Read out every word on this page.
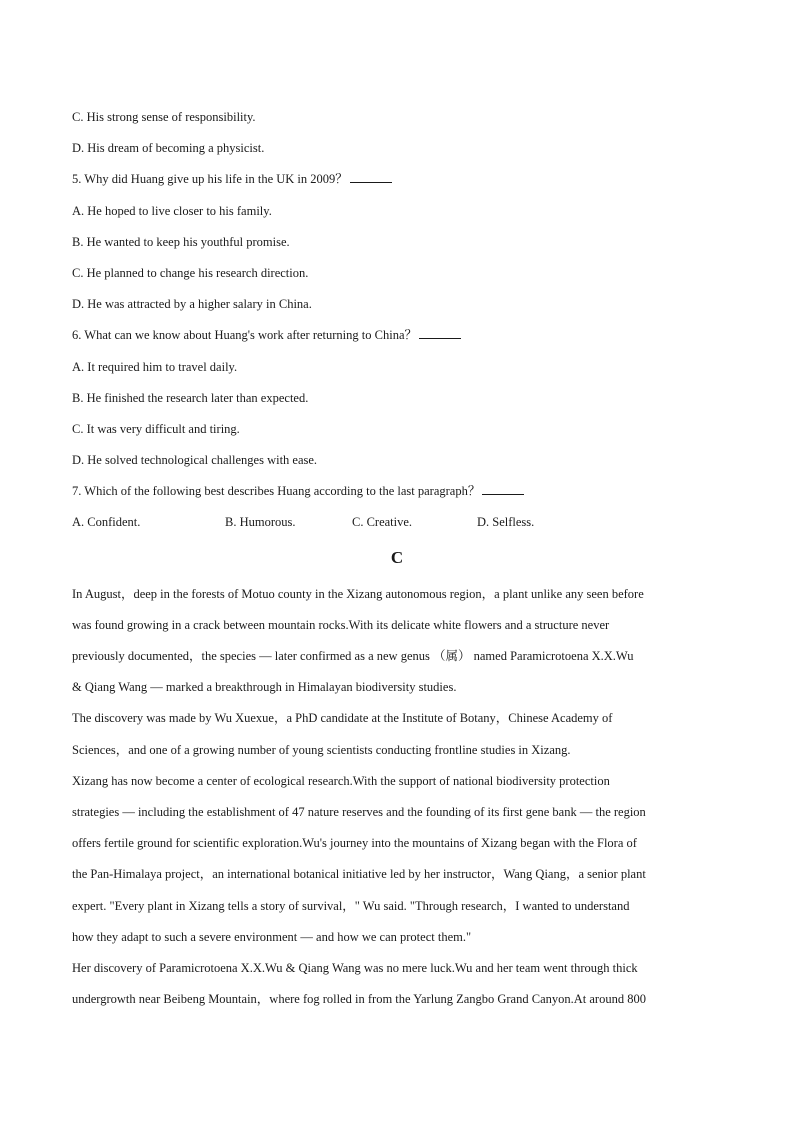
C. His strong sense of responsibility.
D. His dream of becoming a physicist.
5. Why did Huang give up his life in the UK in 2009？
A. He hoped to live closer to his family.
B. He wanted to keep his youthful promise.
C. He planned to change his research direction.
D. He was attracted by a higher salary in China.
6. What can we know about Huang's work after returning to China？
A. It required him to travel daily.
B. He finished the research later than expected.
C. It was very difficult and tiring.
D. He solved technological challenges with ease.
7. Which of the following best describes Huang according to the last paragraph？
A. Confident.	B. Humorous.	C. Creative.	D. Selfless.
C
In August，deep in the forests of Motuo county in the Xizang autonomous region，a plant unlike any seen before
was found growing in a crack between mountain rocks.With its delicate white flowers and a structure never
previously documented，the species — later confirmed as a new genus （属） named Paramicrotoena X.X.Wu
& Qiang Wang — marked a breakthrough in Himalayan biodiversity studies.
The discovery was made by Wu Xuexue，a PhD candidate at the Institute of Botany，Chinese Academy of
Sciences，and one of a growing number of young scientists conducting frontline studies in Xizang.
Xizang has now become a center of ecological research.With the support of national biodiversity protection
strategies — including the establishment of 47 nature reserves and the founding of its first gene bank — the region
offers fertile ground for scientific exploration.Wu's journey into the mountains of Xizang began with the Flora of
the Pan-Himalaya project，an international botanical initiative led by her instructor，Wang Qiang，a senior plant
expert. "Every plant in Xizang tells a story of survival，" Wu said. "Through research，I wanted to understand
how they adapt to such a severe environment — and how we can protect them."
Her discovery of Paramicrotoena X.X.Wu & Qiang Wang was no mere luck.Wu and her team went through thick
undergrowth near Beibeng Mountain，where fog rolled in from the Yarlung Zangbo Grand Canyon.At around 800
